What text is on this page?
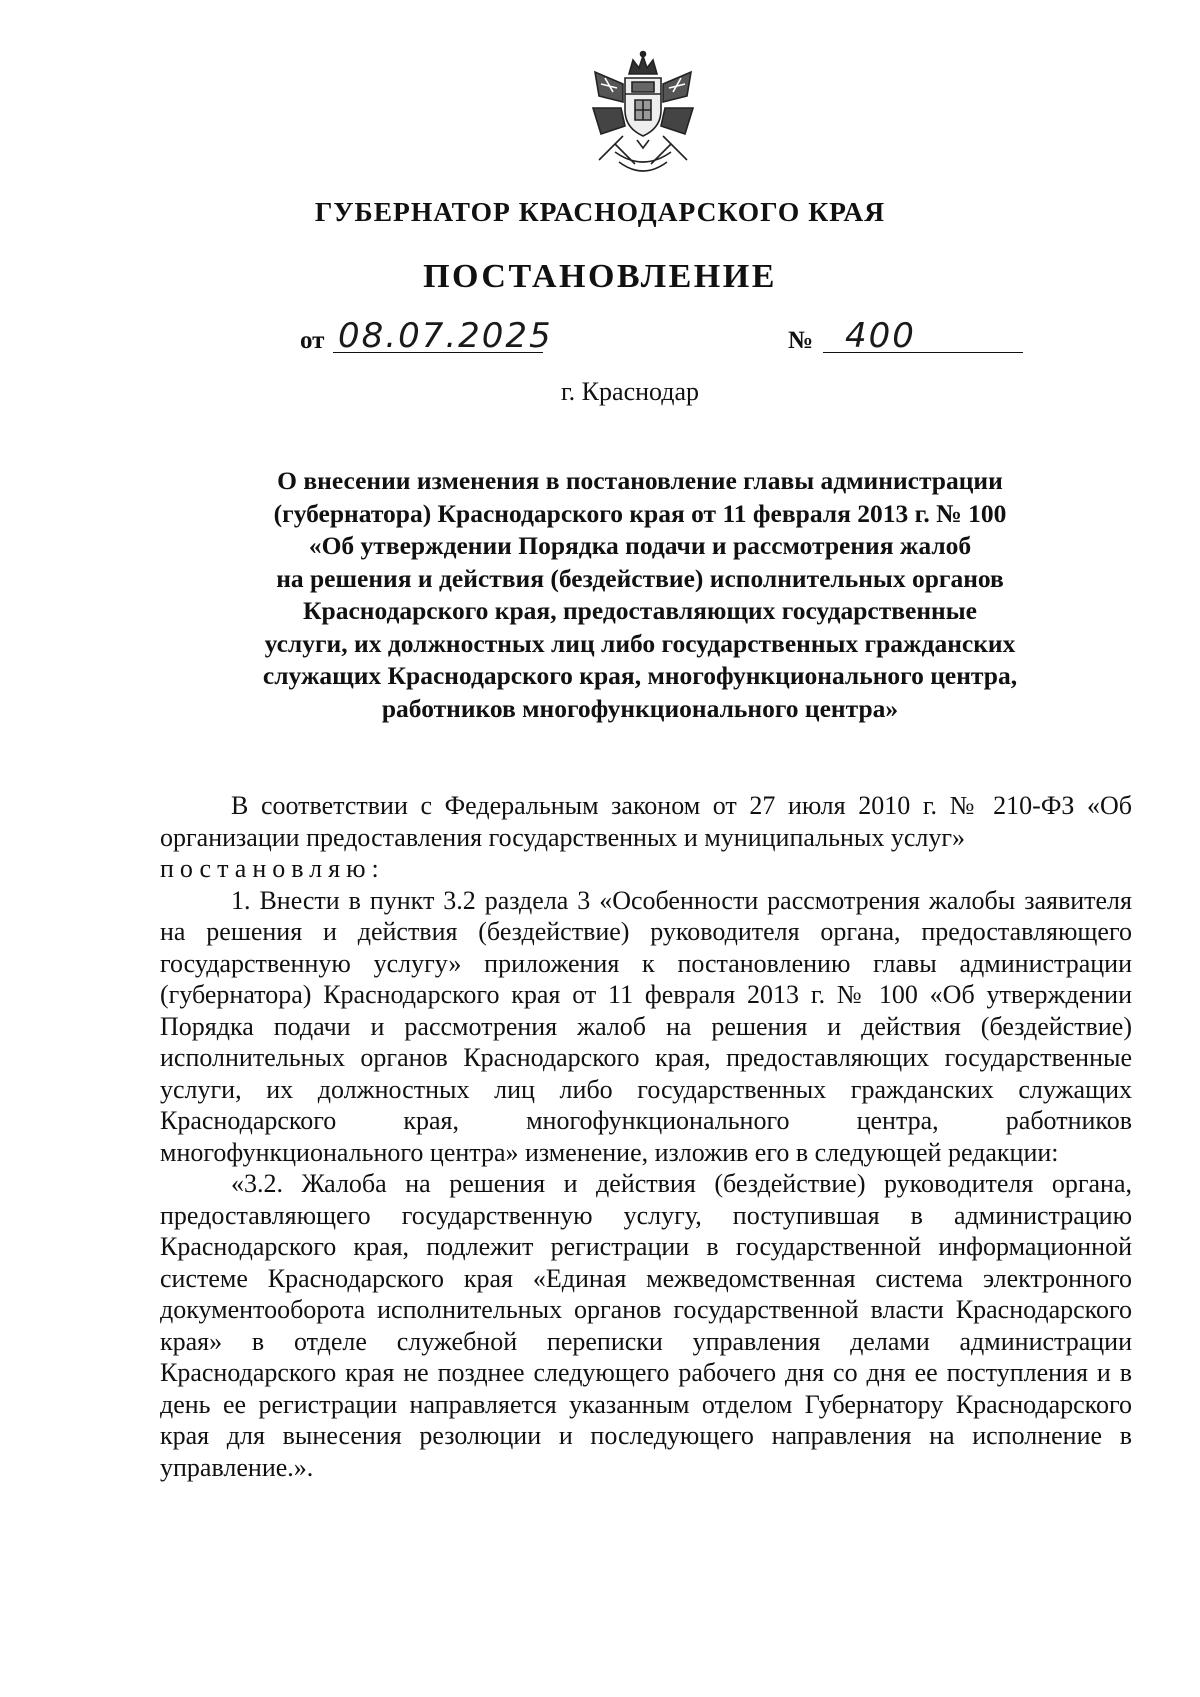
ГУБЕРНАТОР КРАСНОДАРСКОГО КРАЯ
ПОСТАНОВЛЕНИЕ
от 08.07.2025	№ 400
г. Краснодар
О внесении изменения в постановление главы администрации
(губернатора) Краснодарского края от 11 февраля 2013 г. № 100
«Об утверждении Порядка подачи и рассмотрения жалоб
на решения и действия (бездействие) исполнительных органов
Краснодарского края, предоставляющих государственные
услуги, их должностных лиц либо государственных гражданских
служащих Краснодарского края, многофункционального центра,
работников многофункционального центра»

В соответствии с Федеральным законом от 27 июля 2010 г. № 210-ФЗ «Об организации предоставления государственных и муниципальных услуг»

постановляю:

1. Внести в пункт 3.2 раздела 3 «Особенности рассмотрения жалобы заявителя на решения и действия (бездействие) руководителя органа, предоставляющего государственную услугу» приложения к постановлению главы администрации (губернатора) Краснодарского края от 11 февраля 2013 г. № 100 «Об утверждении Порядка подачи и рассмотрения жалоб на решения и действия (бездействие) исполнительных органов Краснодарского края, предоставляющих государственные услуги, их должностных лиц либо государственных гражданских служащих Краснодарского края, многофункционального центра, работников многофункционального центра» изменение, изложив его в следующей редакции:

«3.2. Жалоба на решения и действия (бездействие) руководителя органа, предоставляющего государственную услугу, поступившая в администрацию Краснодарского края, подлежит регистрации в государственной информационной системе Краснодарского края «Единая межведомственная система электронного документооборота исполнительных органов государственной власти Краснодарского края» в отделе служебной переписки управления делами администрации Краснодарского края не позднее следующего рабочего дня со дня ее поступления и в день ее регистрации направляется указанным отделом Губернатору Краснодарского края для вынесения резолюции и последующего направления на исполнение в управление.».
